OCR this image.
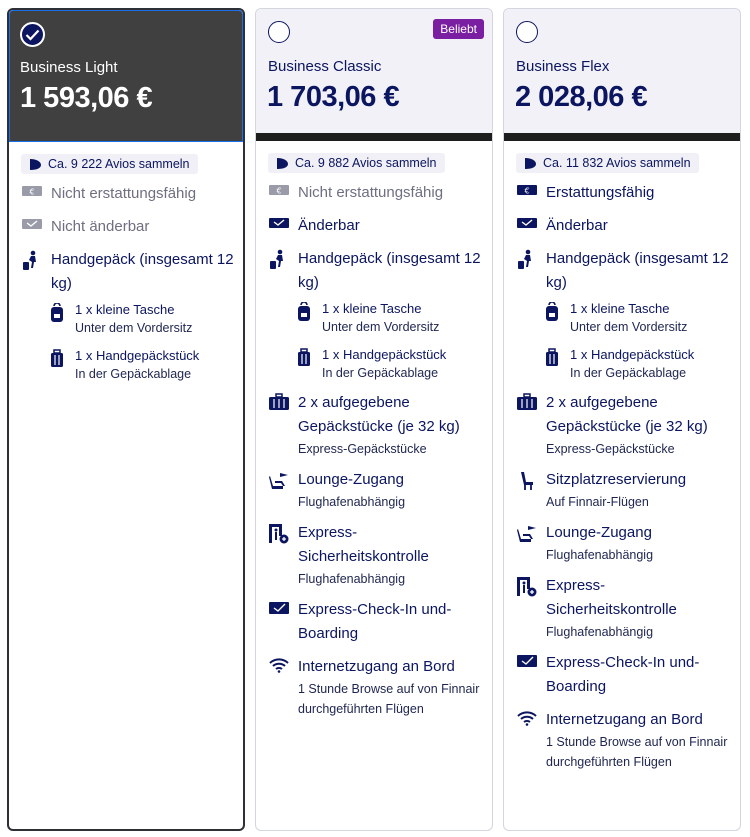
Business Light
1 593,06 €
Ca. 9 222 Avios sammeln
€ Nicht erstattungsfähig
Nicht änderbar
Handgepäck (insgesamt 12 kg)
1 x kleine Tasche
Unter dem Vordersitz
1 x Handgepäckstück
In der Gepäckablage
Beliebt
Business Classic
1 703,06 €
Ca. 9 882 Avios sammeln
€ Nicht erstattungsfähig
Änderbar
Handgepäck (insgesamt 12 kg)
1 x kleine Tasche
Unter dem Vordersitz
1 x Handgepäckstück
In der Gepäckablage
2 x aufgegebene Gepäckstücke (je 32 kg)
Express-Gepäckstücke
Lounge-Zugang
Flughafenabhängig
Express-Sicherheitskontrolle
Flughafenabhängig
Express-Check-In und-Boarding
Internetzugang an Bord
1 Stunde Browse auf von Finnair durchgeführten Flügen
Business Flex
2 028,06 €
Ca. 11 832 Avios sammeln
€ Erstattungsfähig
Änderbar
Handgepäck (insgesamt 12 kg)
1 x kleine Tasche
Unter dem Vordersitz
1 x Handgepäckstück
In der Gepäckablage
2 x aufgegebene Gepäckstücke (je 32 kg)
Express-Gepäckstücke
Sitzplatzreservierung
Auf Finnair-Flügen
Lounge-Zugang
Flughafenabhängig
Express-Sicherheitskontrolle
Flughafenabhängig
Express-Check-In und-Boarding
Internetzugang an Bord
1 Stunde Browse auf von Finnair durchgeführten Flügen
